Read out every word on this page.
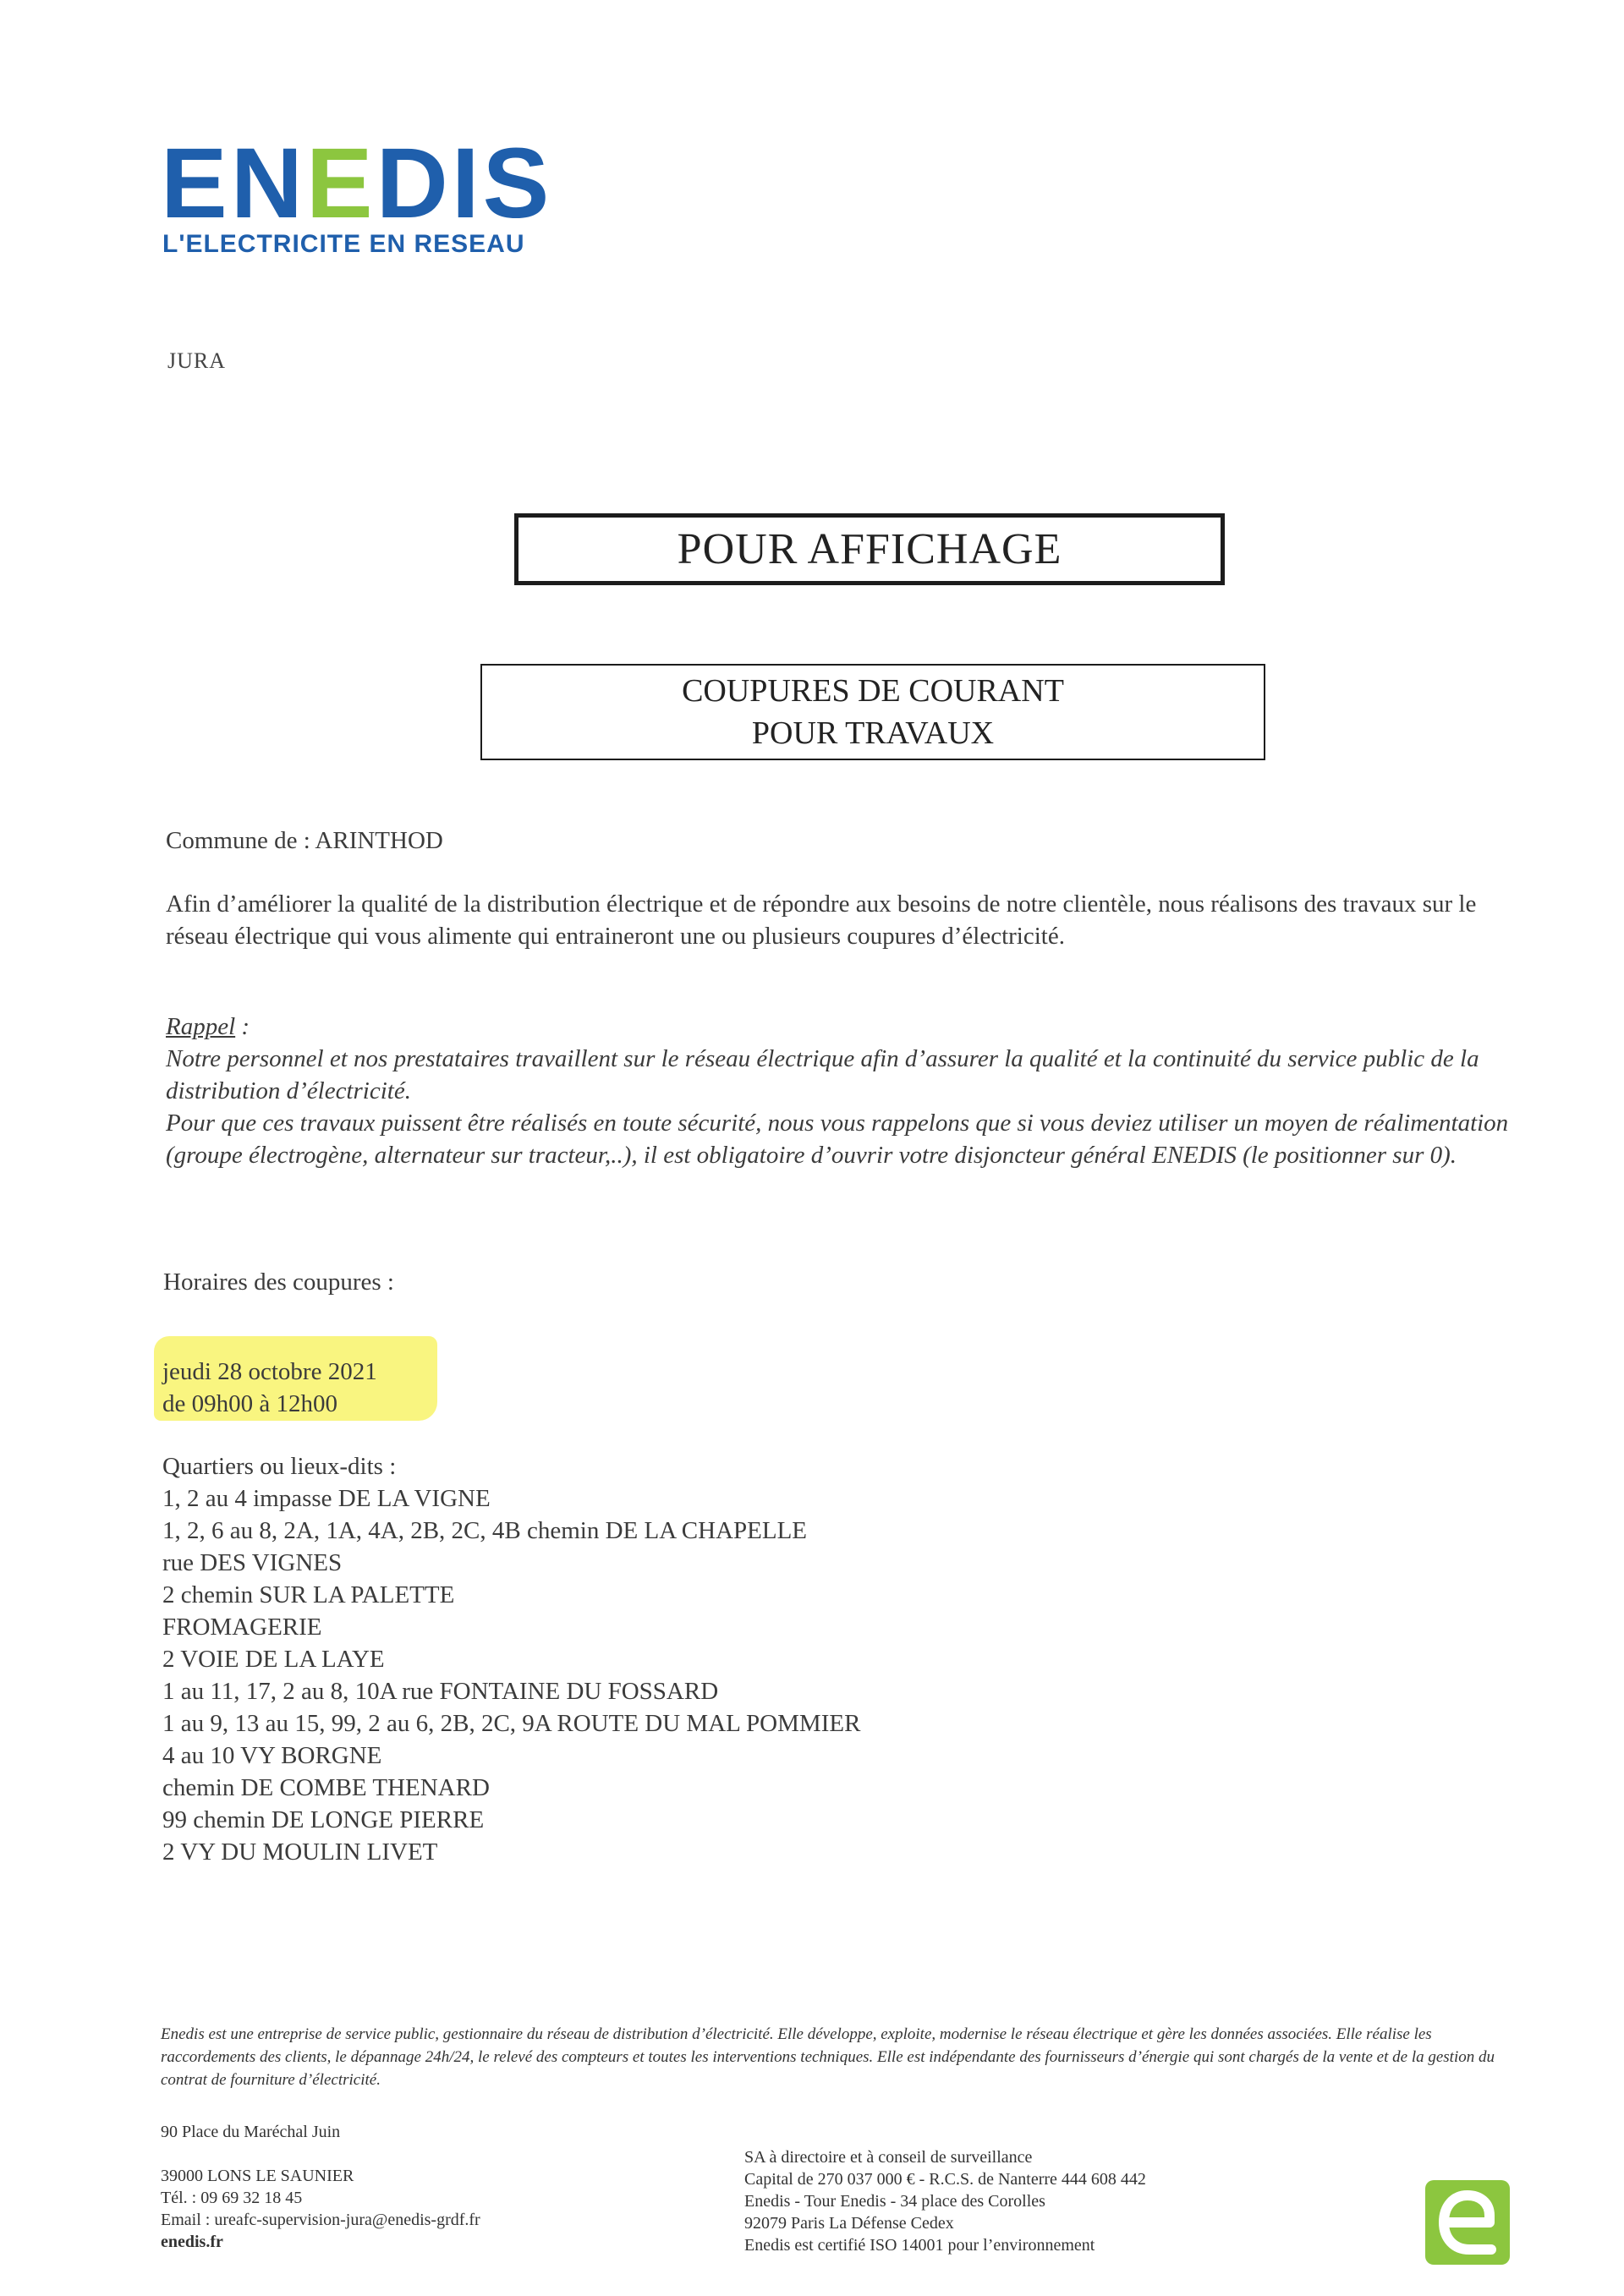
ENEDIS
L'ELECTRICITE EN RESEAU
JURA
POUR AFFICHAGE
COUPURES DE COURANT
POUR TRAVAUX
Commune de : ARINTHOD
Afin d’améliorer la qualité de la distribution électrique et de répondre aux besoins de notre clientèle, nous réalisons des travaux sur le réseau électrique qui vous alimente qui entraineront une ou plusieurs coupures d’électricité.
Rappel :
Notre personnel et nos prestataires travaillent sur le réseau électrique afin d’assurer la qualité et la continuité du service public de la distribution d’électricité.
Pour que ces travaux puissent être réalisés en toute sécurité, nous vous rappelons que si vous deviez utiliser un moyen de réalimentation (groupe électrogène, alternateur sur tracteur,..), il est obligatoire d’ouvrir votre disjoncteur général ENEDIS (le positionner sur 0).
Horaires des coupures :
jeudi 28 octobre 2021
de 09h00 à 12h00
Quartiers ou lieux-dits :
1, 2 au 4 impasse DE LA VIGNE
1, 2, 6 au 8, 2A, 1A, 4A, 2B, 2C, 4B chemin DE LA CHAPELLE
rue DES VIGNES
2 chemin SUR LA PALETTE
FROMAGERIE
2 VOIE DE LA LAYE
1 au 11, 17, 2 au 8, 10A rue FONTAINE DU FOSSARD
1 au 9, 13 au 15, 99, 2 au 6, 2B, 2C, 9A ROUTE DU MAL POMMIER
4 au 10 VY BORGNE
chemin DE COMBE THENARD
99 chemin DE LONGE PIERRE
2 VY DU MOULIN LIVET
Enedis est une entreprise de service public, gestionnaire du réseau de distribution d’électricité. Elle développe, exploite, modernise le réseau électrique et gère les données associées. Elle réalise les raccordements des clients, le dépannage 24h/24, le relevé des compteurs et toutes les interventions techniques. Elle est indépendante des fournisseurs d’énergie qui sont chargés de la vente et de la gestion du contrat de fourniture d’électricité.
90 Place du Maréchal Juin
39000 LONS LE SAUNIER
Tél. : 09 69 32 18 45
Email : ureafc-supervision-jura@enedis-grdf.fr
enedis.fr
SA à directoire et à conseil de surveillance
Capital de 270 037 000 € - R.C.S. de Nanterre 444 608 442
Enedis - Tour Enedis - 34 place des Corolles
92079 Paris La Défense Cedex
Enedis est certifié ISO 14001 pour l’environnement
